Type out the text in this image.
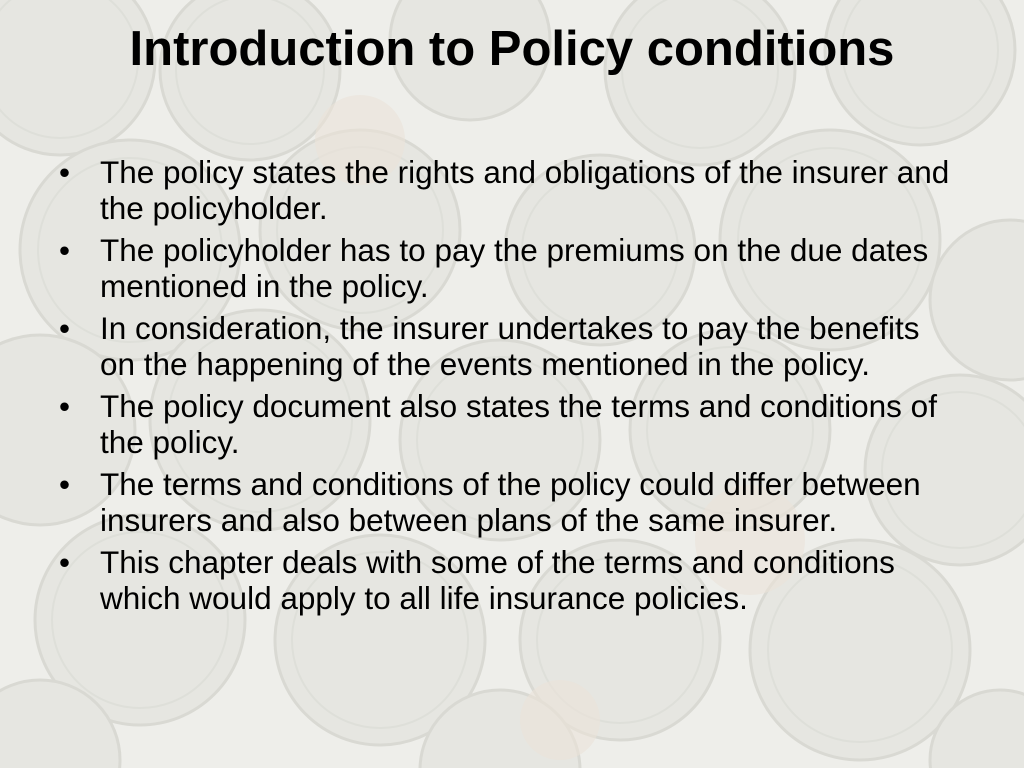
Introduction to Policy conditions
• The policy states the rights and obligations of the insurer and the policyholder.
• The policyholder has to pay the premiums on the due dates mentioned in the policy.
• In consideration, the insurer undertakes to pay the benefits on the happening of the events mentioned in the policy.
• The policy document also states the terms and conditions of the policy.
• The terms and conditions of the policy could differ between insurers and also between plans of the same insurer.
• This chapter deals with some of the terms and conditions which would apply to all life insurance policies.
